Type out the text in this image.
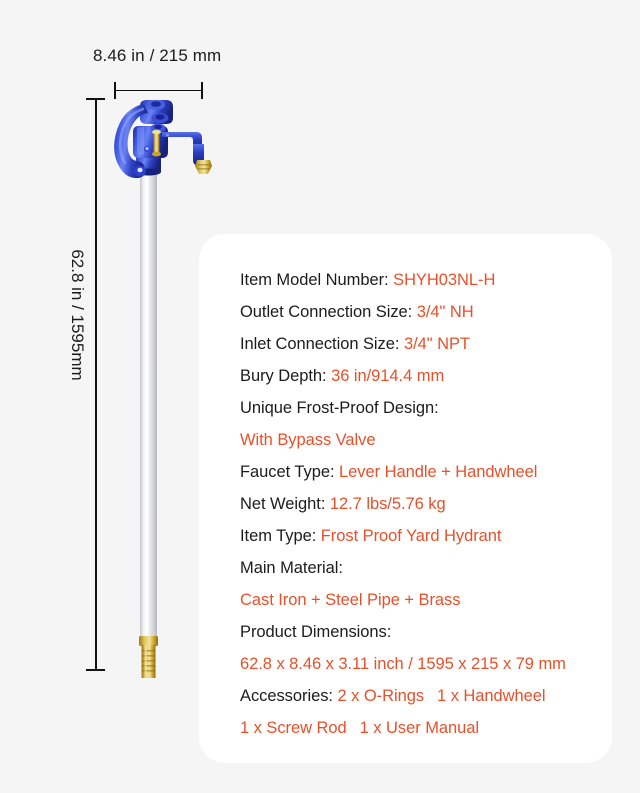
8.46 in / 215 mm
62.8 in / 1595mm	Item Model Number: SHYH03NL-H
Outlet Connection Size: 3/4" NH
Inlet Connection Size: 3/4" NPT
Bury Depth: 36 in/914.4 mm
Unique Frost-Proof Design:
With Bypass Valve
Faucet Type: Lever Handle + Handwheel
Net Weight: 12.7 lbs/5.76 kg
Item Type: Frost Proof Yard Hydrant
Main Material:
Cast Iron + Steel Pipe + Brass
Product Dimensions:
62.8 x 8.46 x 3.11 inch / 1595 x 215 x 79 mm
Accessories: 2 x O-Rings 1 x Handwheel
1 x Screw Rod 1 x User Manual
